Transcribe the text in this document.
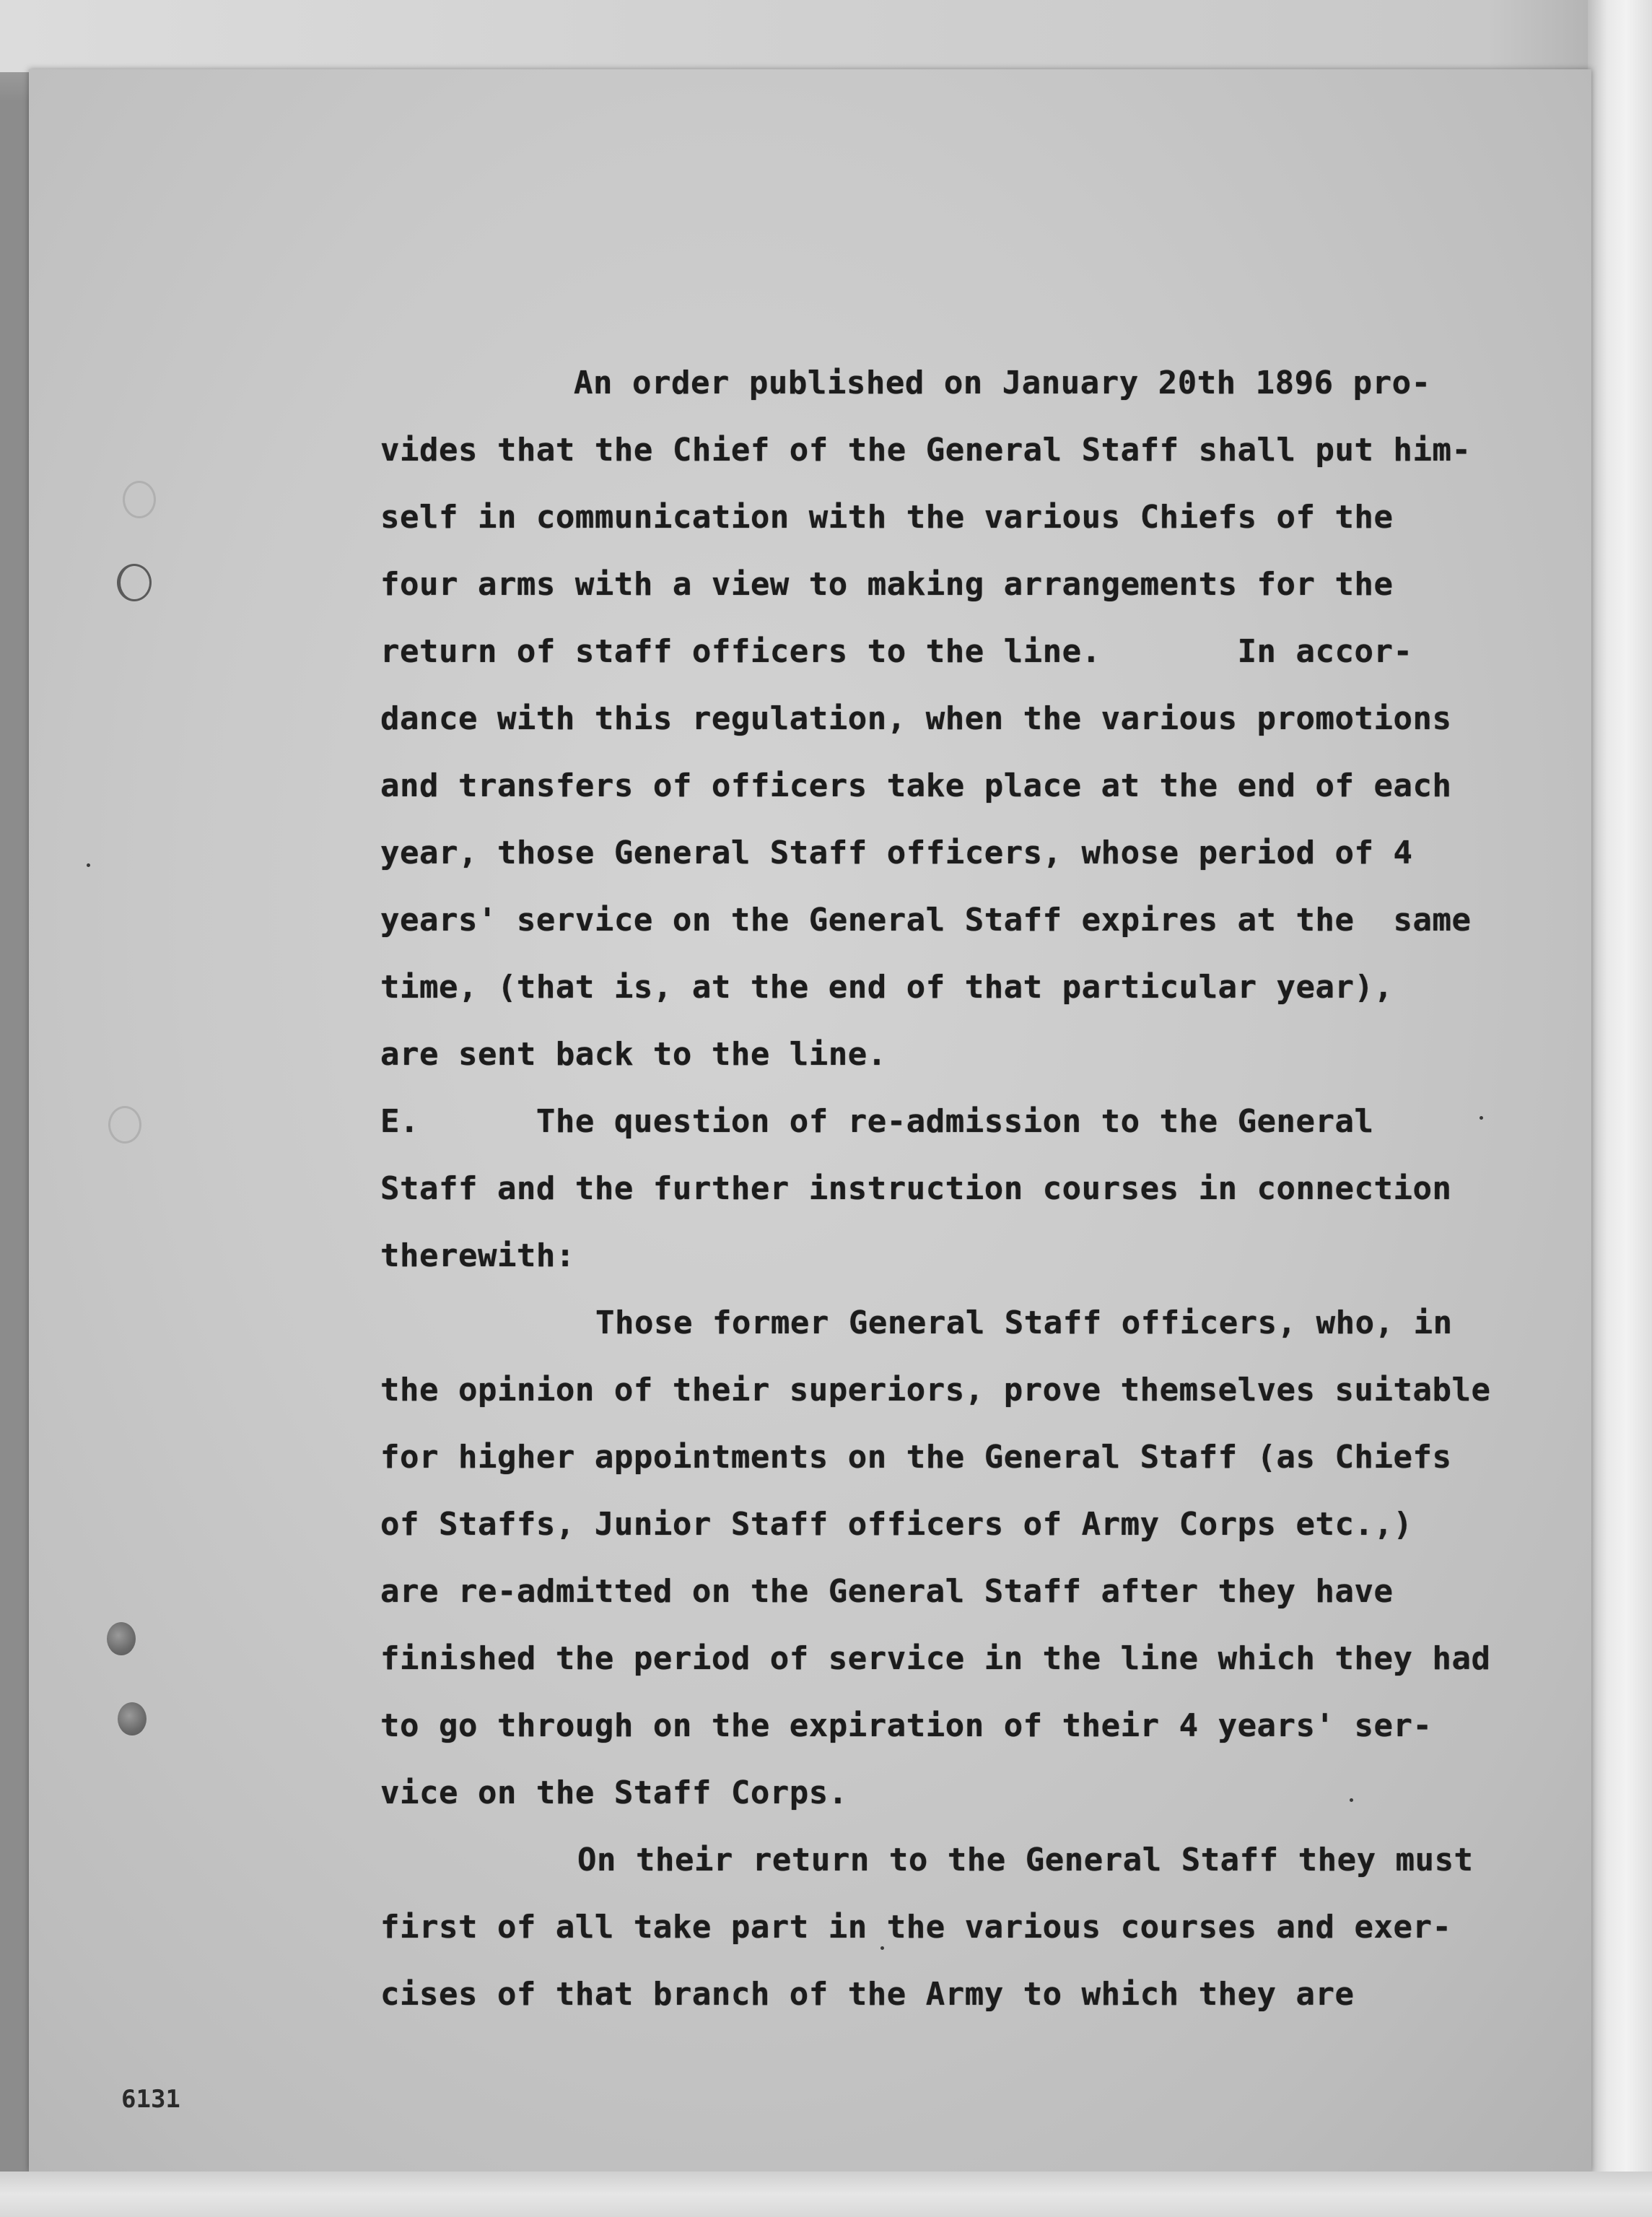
An order published on January 20th 1896 pro-
vides that the Chief of the General Staff shall put him-
self in communication with the various Chiefs of the
four arms with a view to making arrangements for the
return of staff officers to the line.       In accor-
dance with this regulation, when the various promotions
and transfers of officers take place at the end of each
year, those General Staff officers, whose period of 4
years' service on the General Staff expires at the  same
time, (that is, at the end of that particular year),
are sent back to the line.
E.      The question of re-admission to the General
Staff and the further instruction courses in connection
therewith:
Those former General Staff officers, who, in
the opinion of their superiors, prove themselves suitable
for higher appointments on the General Staff (as Chiefs
of Staffs, Junior Staff officers of Army Corps etc.,)
are re-admitted on the General Staff after they have
finished the period of service in the line which they had
to go through on the expiration of their 4 years' ser-
vice on the Staff Corps.
On their return to the General Staff they must
first of all take part in the various courses and exer-
cises of that branch of the Army to which they are
6131
